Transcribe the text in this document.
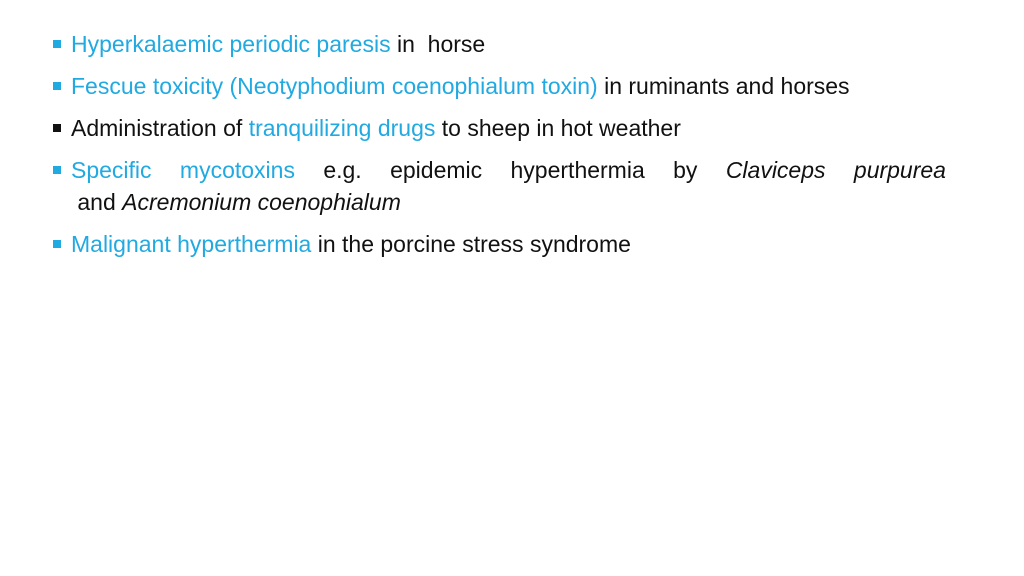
Hyperkalaemic periodic paresis in  horse
Fescue toxicity (Neotyphodium coenophialum toxin) in ruminants and horses
Administration of tranquilizing drugs to sheep in hot weather
Specific mycotoxins e.g. epidemic hyperthermia by Claviceps purpurea and Acremonium coenophialum
Malignant hyperthermia in the porcine stress syndrome
